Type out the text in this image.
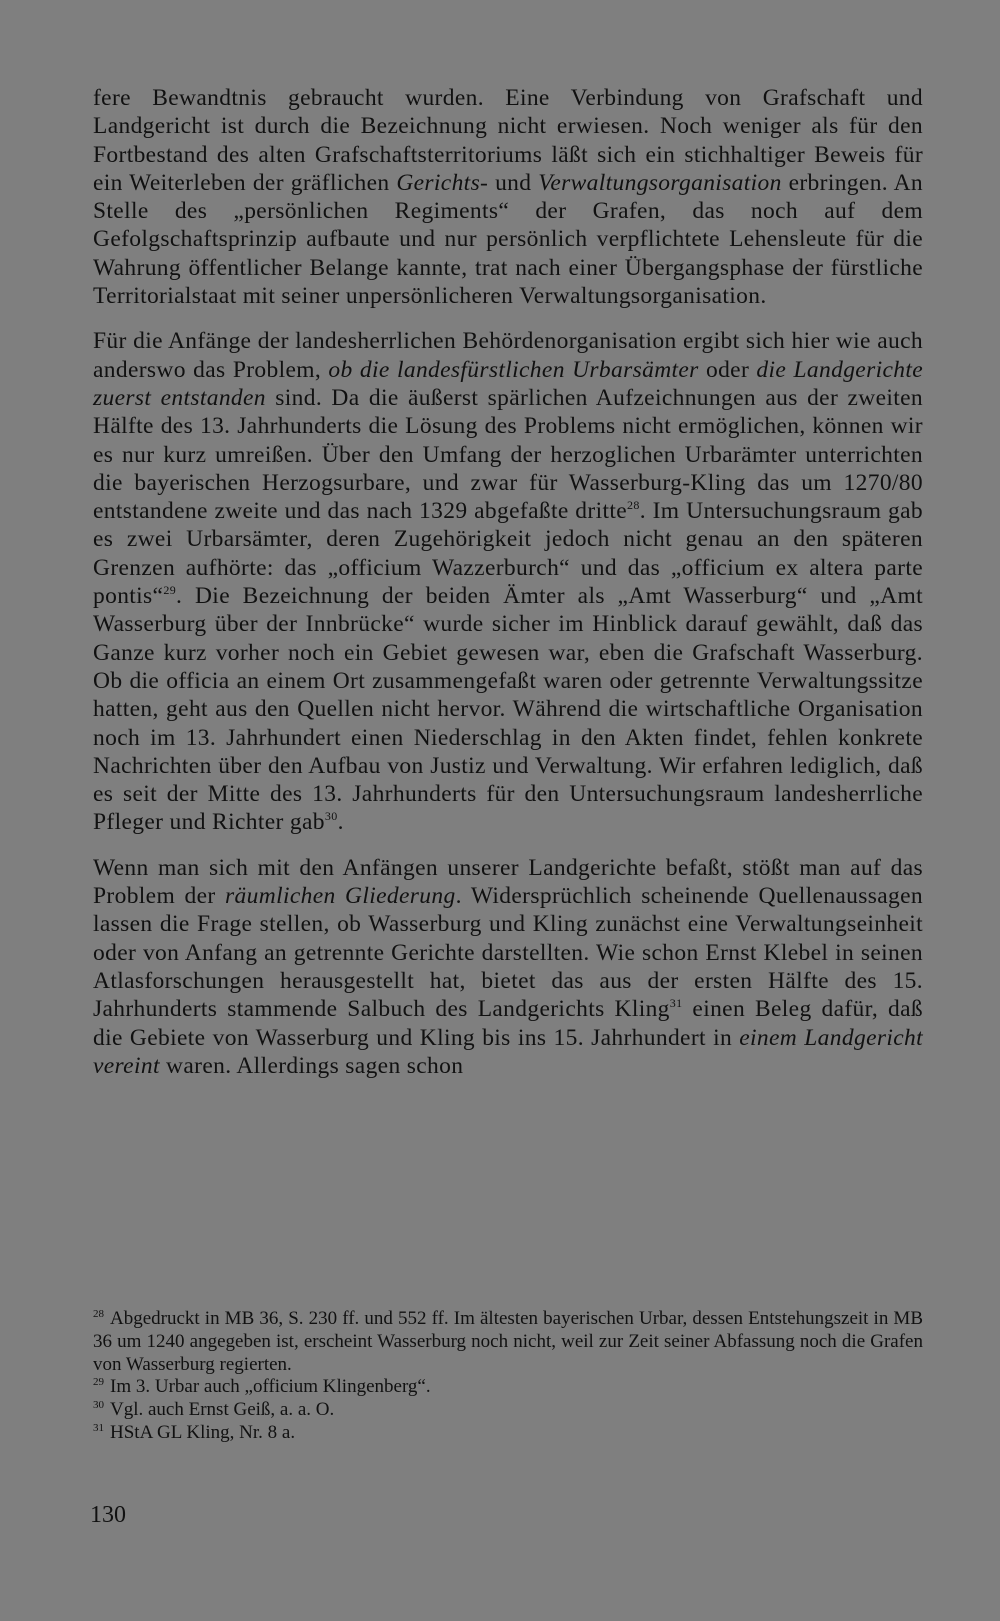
fere Bewandtnis gebraucht wurden. Eine Verbindung von Grafschaft und Landgericht ist durch die Bezeichnung nicht erwiesen. Noch weniger als für den Fortbestand des alten Grafschaftsterritoriums läßt sich ein stichhaltiger Beweis für ein Weiterleben der gräflichen Gerichts- und Verwaltungsorganisation erbringen. An Stelle des „persönlichen Regiments“ der Grafen, das noch auf dem Gefolgschaftsprinzip aufbaute und nur persönlich verpflichtete Lehensleute für die Wahrung öffentlicher Belange kannte, trat nach einer Übergangsphase der fürstliche Territorialstaat mit seiner unpersönlicheren Verwaltungsorganisation.

Für die Anfänge der landesherrlichen Behördenorganisation ergibt sich hier wie auch anderswo das Problem, ob die landesfürstlichen Urbarsämter oder die Landgerichte zuerst entstanden sind. Da die äußerst spärlichen Aufzeichnungen aus der zweiten Hälfte des 13. Jahrhunderts die Lösung des Problems nicht ermöglichen, können wir es nur kurz umreißen. Über den Umfang der herzoglichen Urbarämter unterrichten die bayerischen Herzogsurbare, und zwar für Wasserburg-Kling das um 1270/80 entstandene zweite und das nach 1329 abgefaßte dritte$^{28}$. Im Untersuchungsraum gab es zwei Urbarsämter, deren Zugehörigkeit jedoch nicht genau an den späteren Grenzen aufhörte: das „officium Wazzerburch“ und das „officium ex altera parte pontis“$^{29}$. Die Bezeichnung der beiden Ämter als „Amt Wasserburg“ und „Amt Wasserburg über der Innbrücke“ wurde sicher im Hinblick darauf gewählt, daß das Ganze kurz vorher noch ein Gebiet gewesen war, eben die Grafschaft Wasserburg. Ob die officia an einem Ort zusammengefaßt waren oder getrennte Verwaltungssitze hatten, geht aus den Quellen nicht hervor. Während die wirtschaftliche Organisation noch im 13. Jahrhundert einen Niederschlag in den Akten findet, fehlen konkrete Nachrichten über den Aufbau von Justiz und Verwaltung. Wir erfahren lediglich, daß es seit der Mitte des 13. Jahrhunderts für den Untersuchungsraum landesherrliche Pfleger und Richter gab$^{30}$.

Wenn man sich mit den Anfängen unserer Landgerichte befaßt, stößt man auf das Problem der räumlichen Gliederung. Widersprüchlich scheinende Quellenaussagen lassen die Frage stellen, ob Wasserburg und Kling zunächst eine Verwaltungseinheit oder von Anfang an getrennte Gerichte darstellten. Wie schon Ernst Klebel in seinen Atlasforschungen herausgestellt hat, bietet das aus der ersten Hälfte des 15. Jahrhunderts stammende Salbuch des Landgerichts Kling$^{31}$ einen Beleg dafür, daß die Gebiete von Wasserburg und Kling bis ins 15. Jahrhundert in einem Landgericht vereint waren. Allerdings sagen schon

$^{28}$ Abgedruckt in MB 36, S. 230 ff. und 552 ff. Im ältesten bayerischen Urbar, dessen Entstehungszeit in MB 36 um 1240 angegeben ist, erscheint Wasserburg noch nicht, weil zur Zeit seiner Abfassung noch die Grafen von Wasserburg regierten.

$^{29}$ Im 3. Urbar auch „officium Klingenberg“.

$^{30}$ Vgl. auch Ernst Geiß, a. a. O.

$^{31}$ HStA GL Kling, Nr. 8 a.

130
